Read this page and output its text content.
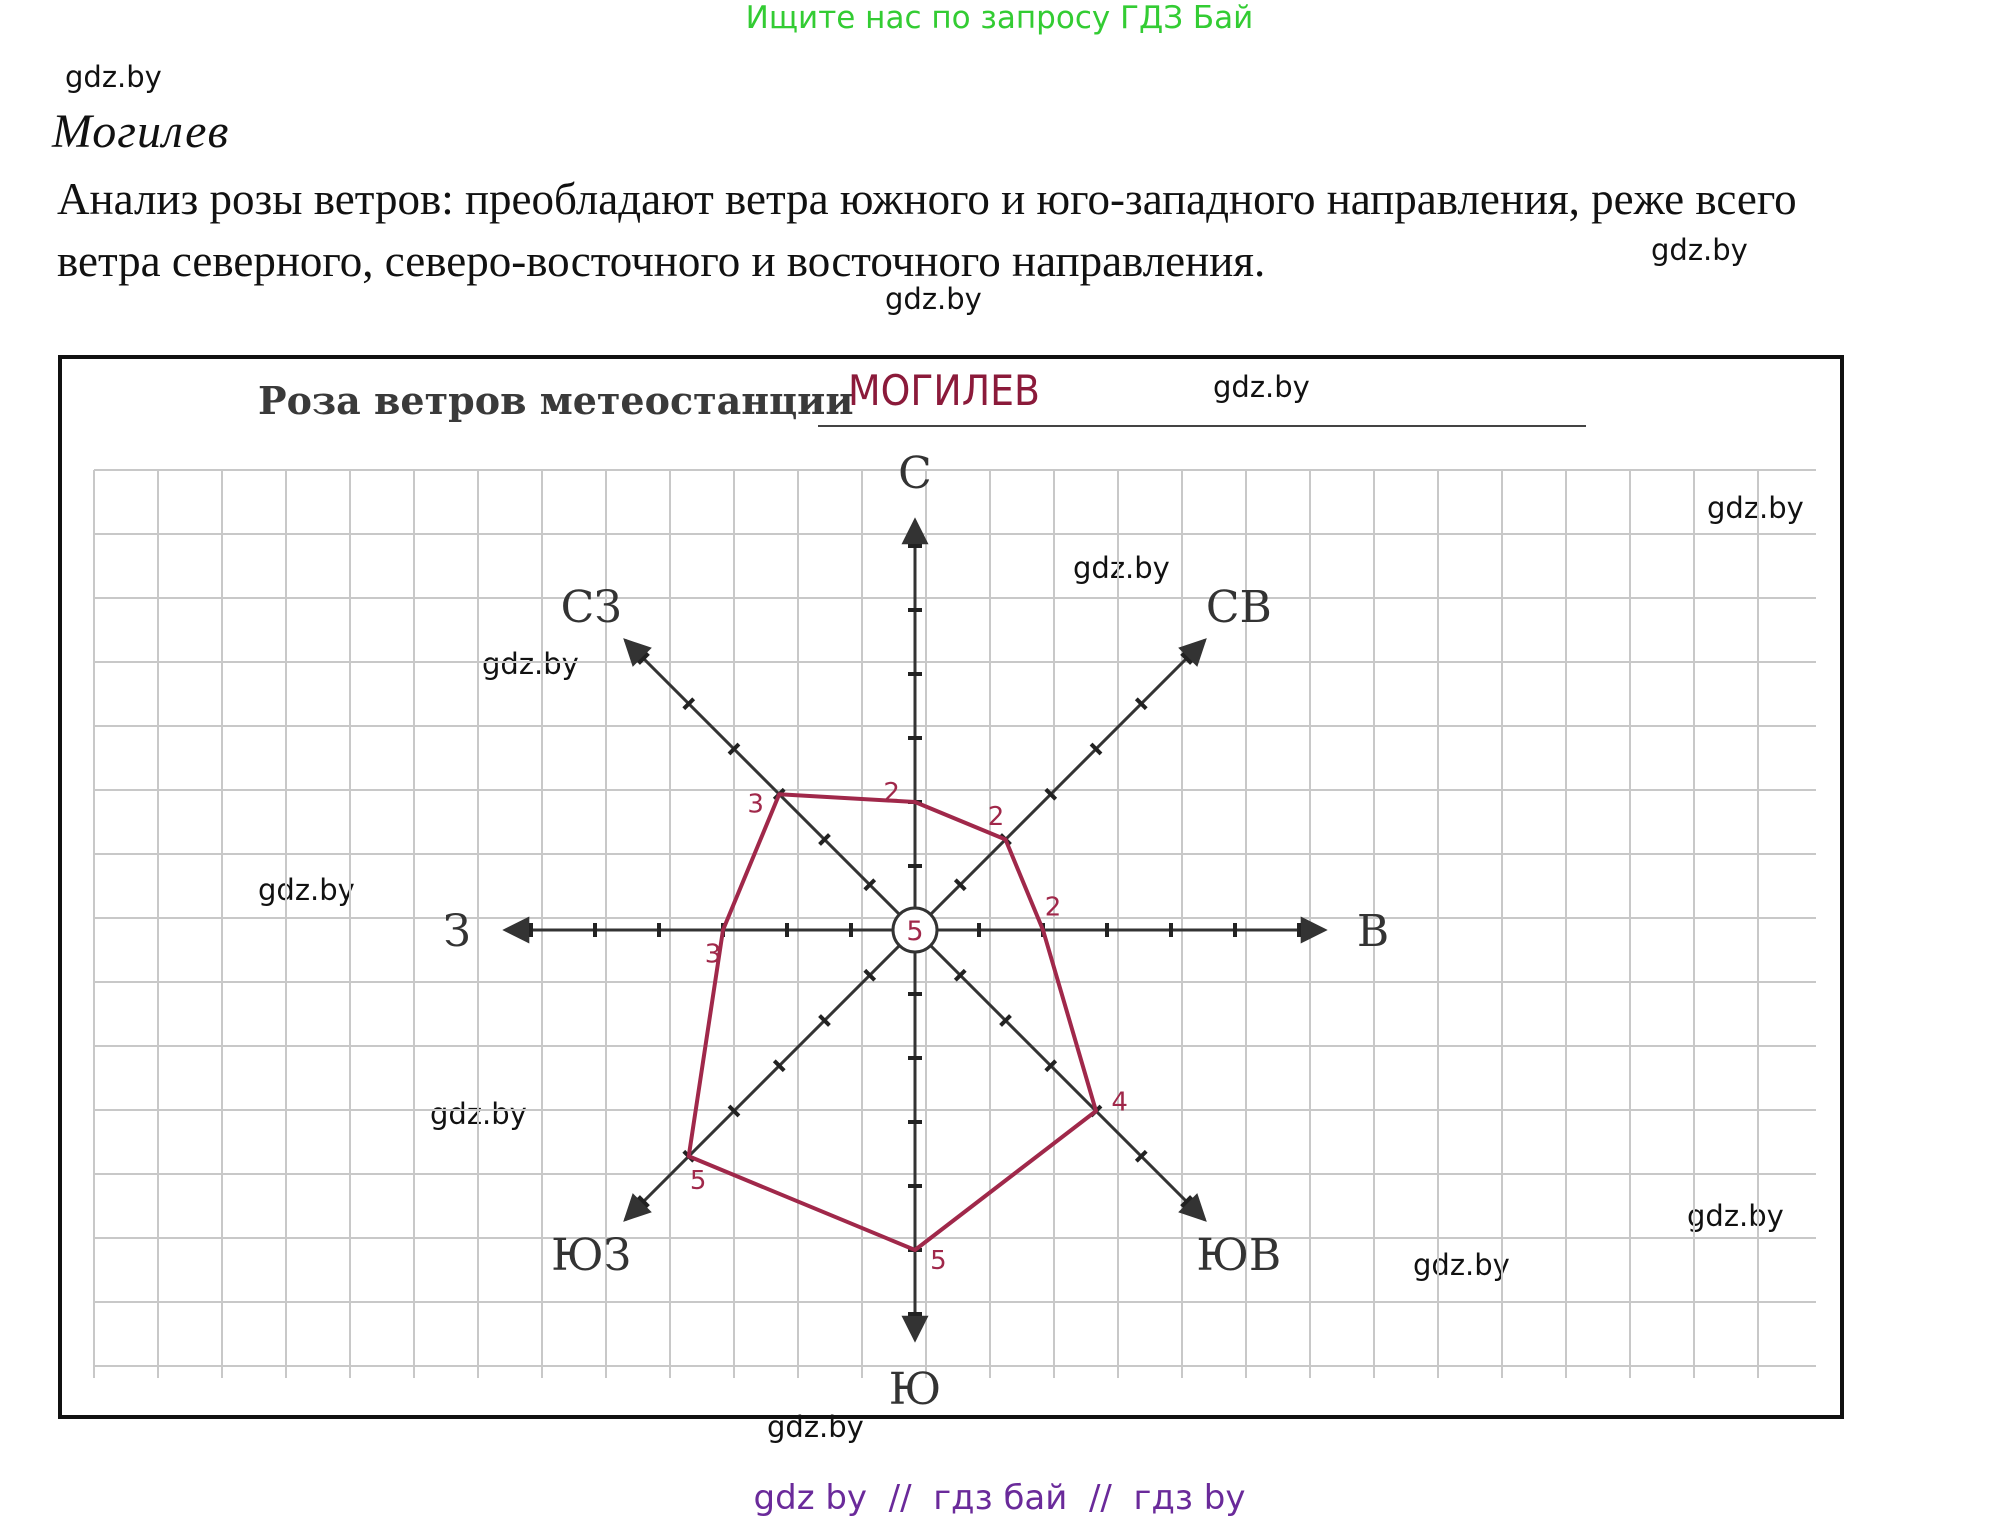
Ищите нас по запросу ГДЗ Бай
gdz.by
gdz.by
gdz.by
gdz.by
gdz.by
gdz.by
gdz.by
gdz.by
gdz.by
gdz.by
gdz.by
gdz.by
Могилев
Анализ розы ветров: преобладают ветра южного и юго-западного направления, реже всего
ветра северного, северо-восточного и восточного направления.
С
СВ
В
ЮВ
Ю
ЮЗ
З
СЗ
5
2
2
2
4
5
5
3
3
Роза ветров метеостанции
МОГИЛЕВ
gdz by  //  гдз бай  //  гдз by
